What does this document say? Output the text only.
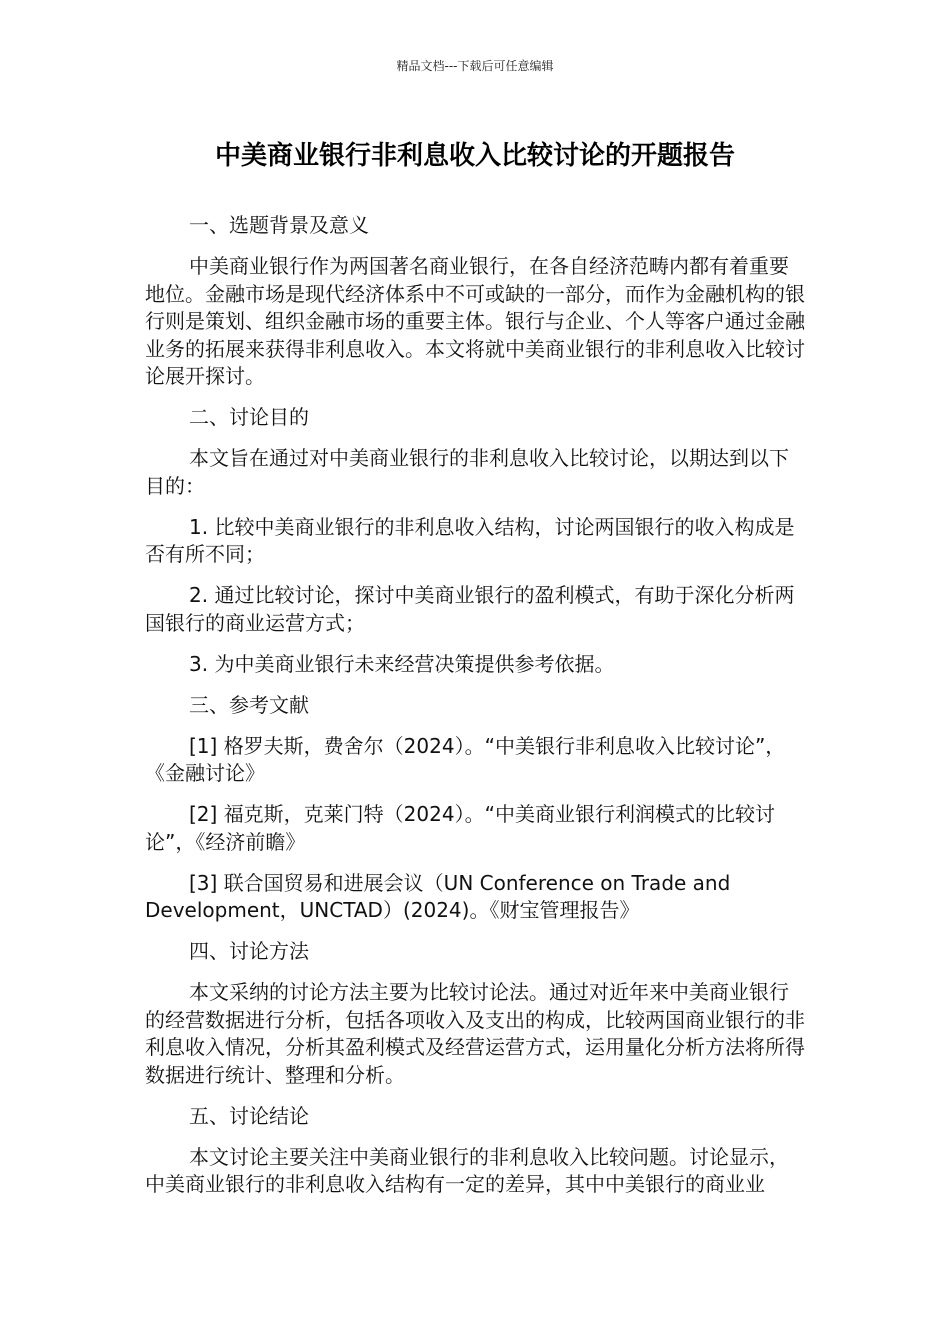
精品文档---下载后可任意编辑
中美商业银行非利息收入比较讨论的开题报告

一、选题背景及意义

中美商业银行作为两国著名商业银行，在各自经济范畴内都有着重要地位。金融市场是现代经济体系中不可或缺的一部分，而作为金融机构的银行则是策划、组织金融市场的重要主体。银行与企业、个人等客户通过金融业务的拓展来获得非利息收入。本文将就中美商业银行的非利息收入比较讨论展开探讨。

二、讨论目的

本文旨在通过对中美商业银行的非利息收入比较讨论，以期达到以下目的：

1. 比较中美商业银行的非利息收入结构，讨论两国银行的收入构成是否有所不同；

2. 通过比较讨论，探讨中美商业银行的盈利模式，有助于深化分析两国银行的商业运营方式；

3. 为中美商业银行未来经营决策提供参考依据。

三、参考文献

[1] 格罗夫斯，费舍尔（2024）。“中美银行非利息收入比较讨论”，《金融讨论》

[2] 福克斯，克莱门特（2024）。“中美商业银行利润模式的比较讨论”，《经济前瞻》

[3] 联合国贸易和进展会议（UN Conference on Trade and Development，UNCTAD）(2024)。《财宝管理报告》

四、讨论方法

本文采纳的讨论方法主要为比较讨论法。通过对近年来中美商业银行的经营数据进行分析，包括各项收入及支出的构成，比较两国商业银行的非利息收入情况，分析其盈利模式及经营运营方式，运用量化分析方法将所得数据进行统计、整理和分析。

五、讨论结论

本文讨论主要关注中美商业银行的非利息收入比较问题。讨论显示，中美商业银行的非利息收入结构有一定的差异，其中中美银行的商业业
